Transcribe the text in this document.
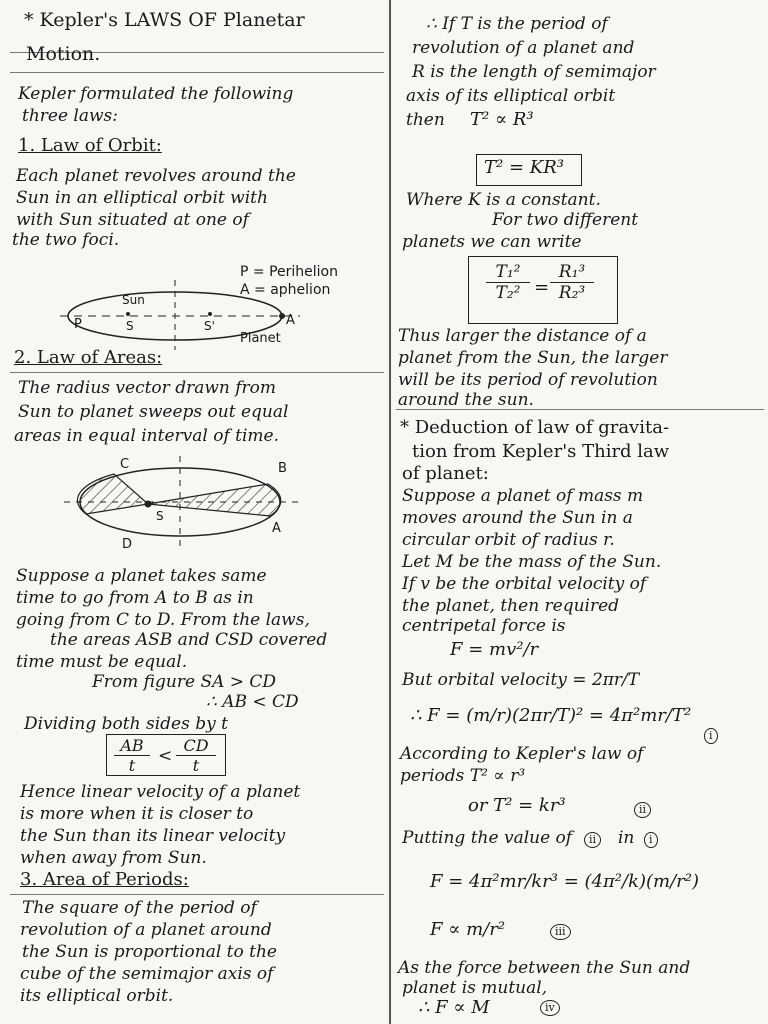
* Kepler's LAWS OF Planetar
Motion.
Kepler formulated the following
three laws:
1. Law of Orbit:
Each planet revolves around the
Sun in an elliptical orbit with
with Sun situated at one of
the two foci.
P = Perihelion
A = aphelion
Sun
P	S	S'	A
Planet
2. Law of Areas:
The radius vector drawn from
Sun to planet sweeps out equal
areas in equal interval of time.
C	B
S
D
A
Suppose a planet takes same
time to go from A to B as in
going from C to D. From the laws,
the areas ASB and CSD covered
time must be equal.
From figure SA > CD
∴ AB < CD
Dividing both sides by t
$\frac{AB}{t} < \frac{CD}{t}$
Hence linear velocity of a planet
is more when it is closer to
the Sun than its linear velocity
when away from Sun.
3. Area of Periods:
The square of the period of
revolution of a planet around
the Sun is proportional to the
cube of the semimajor axis of
its elliptical orbit.
∴ If T is the period of
revolution of a planet and
R is the length of semimajor
axis of its elliptical orbit
then T² ∝ R³
T² = KR³
Where K is a constant.
For two different
planets we can write
$\frac{\text{T₁²}}{\text{T₂²}} = \frac{\text{R₁³}}{\text{R₂³}}$
Thus larger the distance of a
planet from the Sun, the larger
will be its period of revolution
around the sun.
* Deduction of law of gravita-
tion from Kepler's Third law
of planet:
Suppose a planet of mass m
moves around the Sun in a
circular orbit of radius r.
Let M be the mass of the Sun.
If v be the orbital velocity of
the planet, then required
centripetal force is
F = mv²/r
But orbital velocity = 2πr/T
∴ F = (m/r)(2πr/T)² = 4π²mr/T²
i
According to Kepler's law of
periods T² ∝ r³
or T² = kr³	ii
Putting the value of	ii in	i
F = 4π²mr/kr³ = (4π²/k)(m/r²)
F ∝ m/r²	iii
As the force between the Sun and
planet is mutual,
∴ F ∝ M	iv
